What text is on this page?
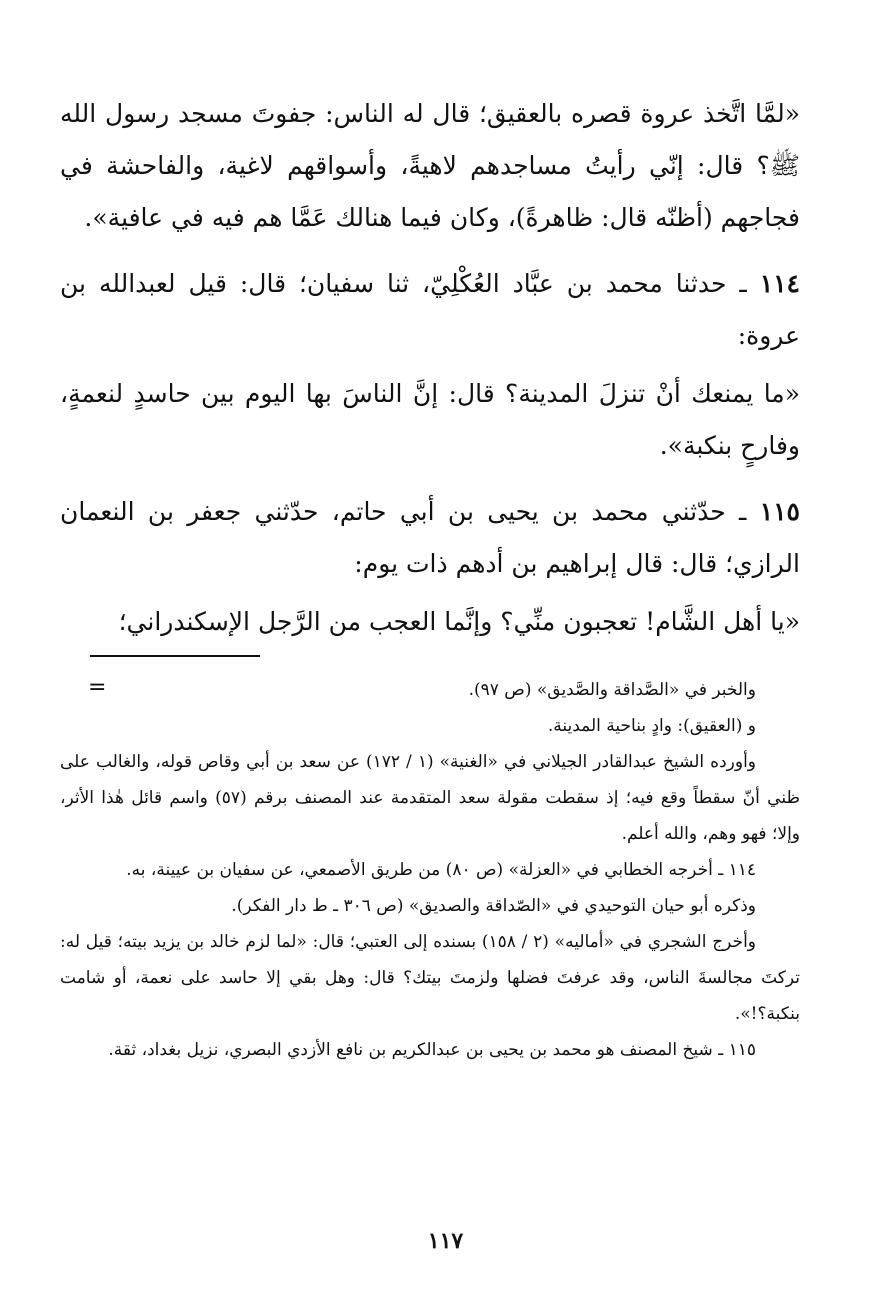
«لمَّا اتَّخذ عروة قصره بالعقيق؛ قال له الناس: جفوتَ مسجد رسول الله ﷺ؟ قال: إنّي رأيتُ مساجدهم لاهيةً، وأسواقهم لاغية، والفاحشة في فجاجهم (أظنّه قال: ظاهرةً)، وكان فيما هنالك عَمَّا هم فيه في عافية».

١١٤ ـ حدثنا محمد بن عبَّاد العُكْلِيّ، ثنا سفيان؛ قال: قيل لعبدالله بن عروة:

«ما يمنعك أنْ تنزلَ المدينة؟ قال: إنَّ الناسَ بها اليوم بين حاسدٍ لنعمةٍ، وفارحٍ بنكبة».

١١٥ ـ حدّثني محمد بن يحيى بن أبي حاتم، حدّثني جعفر بن النعمان الرازي؛ قال: قال إبراهيم بن أدهم ذات يوم:

«يا أهل الشَّام! تعجبون منِّي؟ وإنَّما العجب من الرَّجل الإسكندراني؛

=	والخبر في «الصَّداقة والصَّديق» (ص ٩٧).

و (العقيق): وادٍ بناحية المدينة.

وأورده الشيخ عبدالقادر الجيلاني في «الغنية» (١ / ١٧٢) عن سعد بن أبي وقاص قوله، والغالب على ظني أنّ سقطاً وقع فيه؛ إذ سقطت مقولة سعد المتقدمة عند المصنف برقم (٥٧) واسم قائل هٰذا الأثر، وإلا؛ فهو وهم، والله أعلم.

١١٤ ـ أخرجه الخطابي في «العزلة» (ص ٨٠) من طريق الأصمعي، عن سفيان بن عيينة، به.

وذكره أبو حيان التوحيدي في «الصّداقة والصديق» (ص ٣٠٦ ـ ط دار الفكر).

وأخرج الشجري في «أماليه» (٢ / ١٥٨) بسنده إلى العتبي؛ قال: «لما لزم خالد بن يزيد بيته؛ قيل له: تركتَ مجالسةَ الناس، وقد عرفتَ فضلها ولزمتَ بيتك؟ قال: وهل بقي إلا حاسد على نعمة، أو شامت بنكبة؟!».

١١٥ ـ شيخ المصنف هو محمد بن يحيى بن عبدالكريم بن نافع الأزدي البصري، نزيل بغداد، ثقة.

١١٧
